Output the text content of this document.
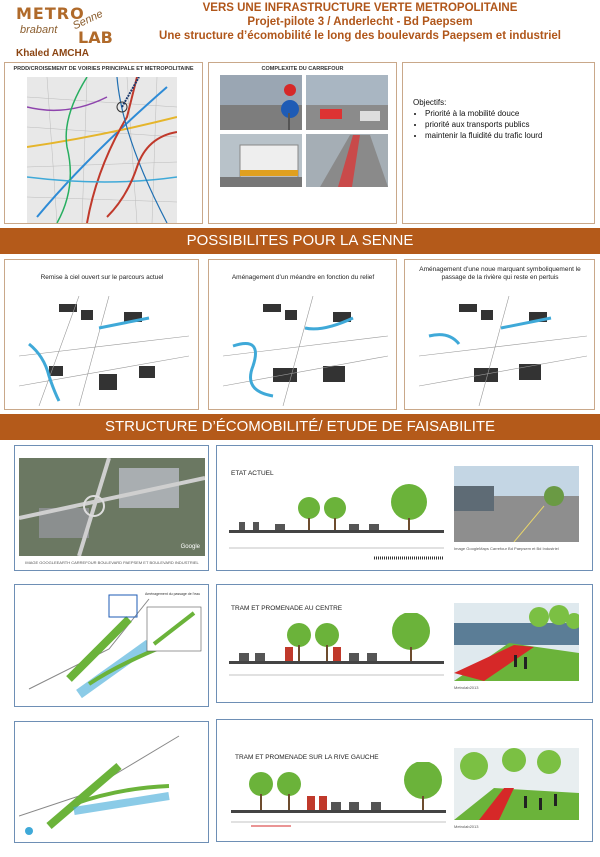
METRO
brabant Senne
LAB
Khaled AMCHA
VERS UNE INFRASTRUCTURE VERTE METROPOLITAINE
Projet-pilote 3 / Anderlecht - Bd Paepsem
Une structure d’écomobilité le long des boulevards Paepsem et industriel
PRDD/CROISEMENT DE VOIRIES PRINCIPALE ET METROPOLITAINE	COMPLEXITE DU CARREFOUR
Objectifs:
• Priorité à la mobilité douce
• priorité aux transports publics
• maintenir la fluidité du trafic lourd
POSSIBILITES POUR LA SENNE
Remise à ciel ouvert sur le parcours actuel	Aménagement d’un méandre en fonction du relief
Aménagement d’une noue marquant symboliquement le passage de la rivière qui reste en pertuis
STRUCTURE D’ÉCOMOBILITÉ/ ETUDE DE FAISABILITE
Google
IMAGE GOOGLEEARTH CARREFOUR BOULEVARD PAEPSEM ET BOULEVARD INDUSTRIEL
ETAT ACTUEL
Image GoogleMaps Carrefour Bd Paepsem et Bd Industriel
Aménagement du passage de l’eau
TRAM ET PROMENADE AU CENTRE
Metrolab2013
TRAM ET PROMENADE SUR LA RIVE GAUCHE
Metrolab2013
